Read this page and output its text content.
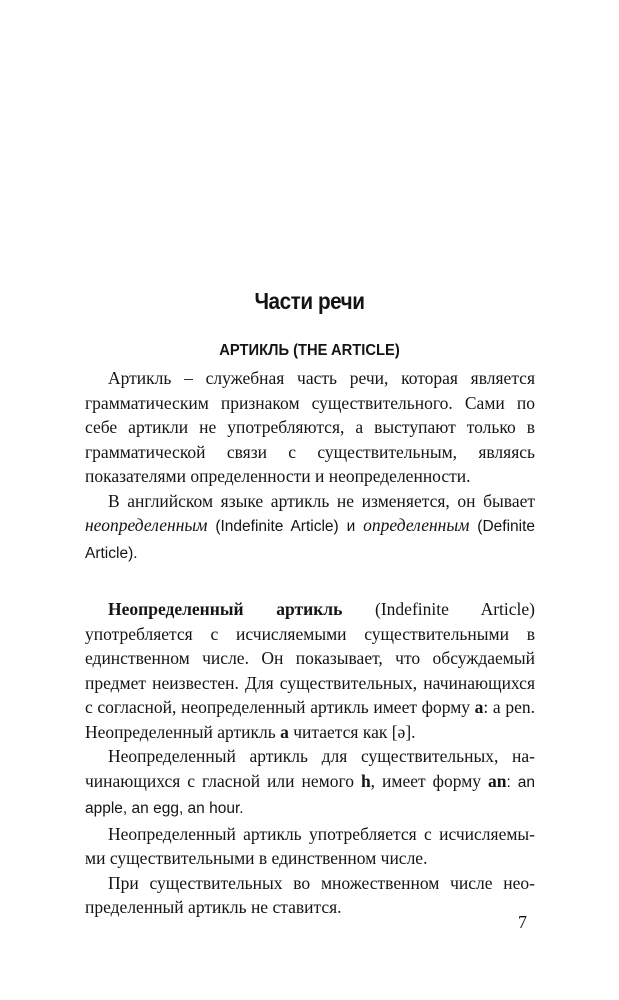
Части речи
АРТИКЛЬ (THE ARTICLE)

Артикль – служебная часть речи, которая является грамматическим признаком существительного. Сами по себе артикли не употребляются, а выступают только в грамматической связи с существительным, являясь показателями определенности и неопределенности.

В английском языке артикль не изменяется, он бывает неопределенным (Indefinite Article) и определенным (Definite Article).

Неопределенный артикль (Indefinite Article) употребляется с исчисляемыми существительными в единственном числе. Он показывает, что обсуждаемый предмет неизвестен. Для существительных, начинающихся с согласной, неопределенный артикль имеет форму a: a pen. Неопределенный артикль a читается как [ə].

Неопределенный артикль для существительных, начинающихся с гласной или немого h, имеет форму an: an apple, an egg, an hour.

Неопределенный артикль употребляется с исчисляемыми существительными в единственном числе.

При существительных во множественном числе неопределенный артикль не ставится.

7
